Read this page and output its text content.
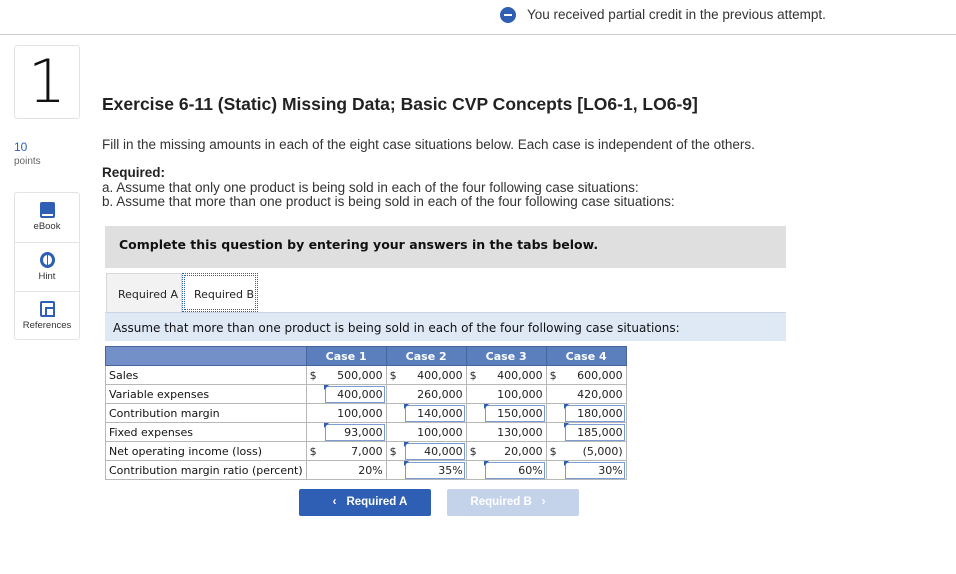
You received partial credit in the previous attempt.
1
10
points
eBook
Hint
References
Exercise 6-11 (Static) Missing Data; Basic CVP Concepts [LO6-1, LO6-9]
Fill in the missing amounts in each of the eight case situations below. Each case is independent of the others.
Required:
a. Assume that only one product is being sold in each of the four following case situations:
b. Assume that more than one product is being sold in each of the four following case situations:
Complete this question by entering your answers in the tabs below.
Required A	Required B
Assume that more than one product is being sold in each of the four following case situations:
	Case 1		Case 2		Case 3		Case 4	
Sales	$	500,000	$	400,000	$	400,000	$	600,000
Variable expenses		400,000		260,000		100,000		420,000
Contribution margin		100,000		140,000		150,000		180,000
Fixed expenses		93,000		100,000		130,000		185,000
Net operating income (loss)	$	7,000	$	40,000	$	20,000	$	(5,000)
Contribution margin ratio (percent)		20%		35%		60%		30%
‹ Required A	Required B ›
